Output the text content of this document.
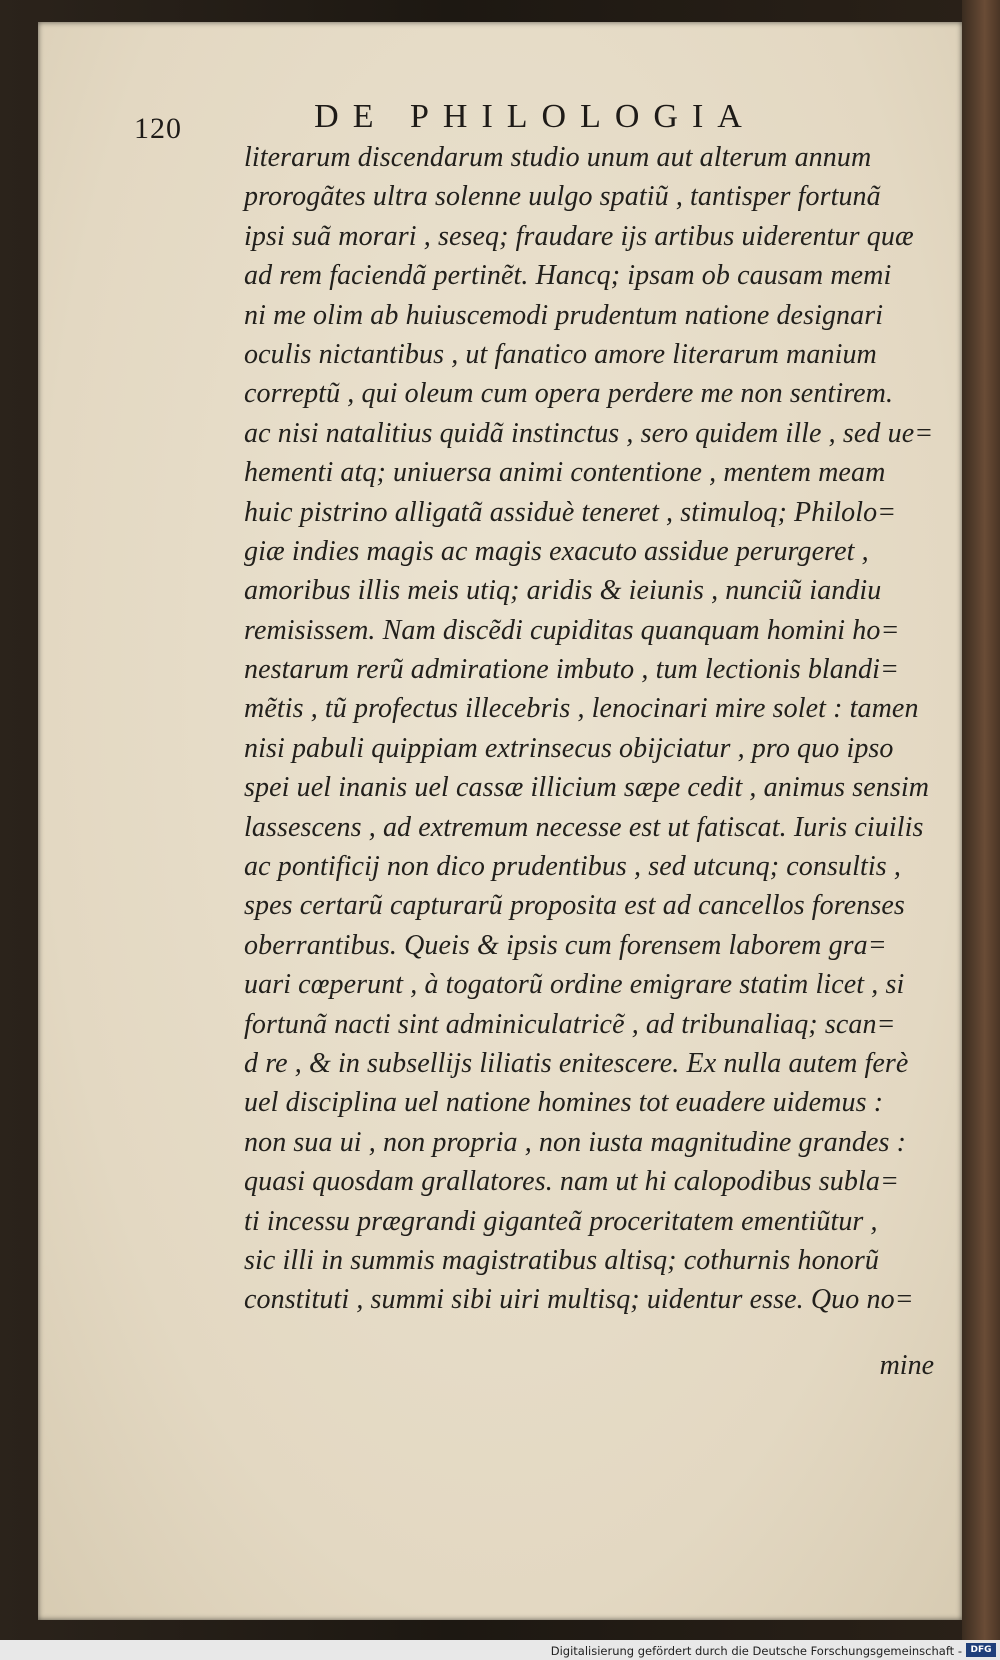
120	DE PHILOLOGIA
literarum discendarum studio unum aut alterum annum
prorogãtes ultra solenne uulgo spatiũ , tantisper fortunã
ipsi suã morari , seseq; fraudare ijs artibus uiderentur quæ
ad rem faciendã pertinẽt. Hancq; ipsam ob causam memi
ni me olim ab huiuscemodi prudentum natione designari
oculis nictantibus , ut fanatico amore literarum manium
correptũ , qui oleum cum opera perdere me non sentirem.
ac nisi natalitius quidã instinctus , sero quidem ille , sed ue=
hementi atq; uniuersa animi contentione , mentem meam
huic pistrino alligatã assiduè teneret , stimuloq; Philolo=
giæ indies magis ac magis exacuto assidue perurgeret ,
amoribus illis meis utiq; aridis & ieiunis , nunciũ iandiu
remisissem. Nam discẽdi cupiditas quanquam homini ho=
nestarum rerũ admiratione imbuto , tum lectionis blandi=
mẽtis , tũ profectus illecebris , lenocinari mire solet : tamen
nisi pabuli quippiam extrinsecus obijciatur , pro quo ipso
spei uel inanis uel cassæ illicium sæpe cedit , animus sensim
lassescens , ad extremum necesse est ut fatiscat. Iuris ciuilis
ac pontificij non dico prudentibus , sed utcunq; consultis ,
spes certarũ capturarũ proposita est ad cancellos forenses
oberrantibus. Queis & ipsis cum forensem laborem gra=
uari cœperunt , à togatorũ ordine emigrare statim licet , si
fortunã nacti sint adminiculatricẽ , ad tribunaliaq; scan=
d re , & in subsellijs liliatis enitescere. Ex nulla autem ferè
uel disciplina uel natione homines tot euadere uidemus :
non sua ui , non propria , non iusta magnitudine grandes :
quasi quosdam grallatores. nam ut hi calopodibus subla=
ti incessu prægrandi giganteã proceritatem ementiũtur ,
sic illi in summis magistratibus altisq; cothurnis honorũ
constituti , summi sibi uiri multisq; uidentur esse. Quo no=
mine
Digitalisierung gefördert durch die Deutsche Forschungsgemeinschaft - DFG
